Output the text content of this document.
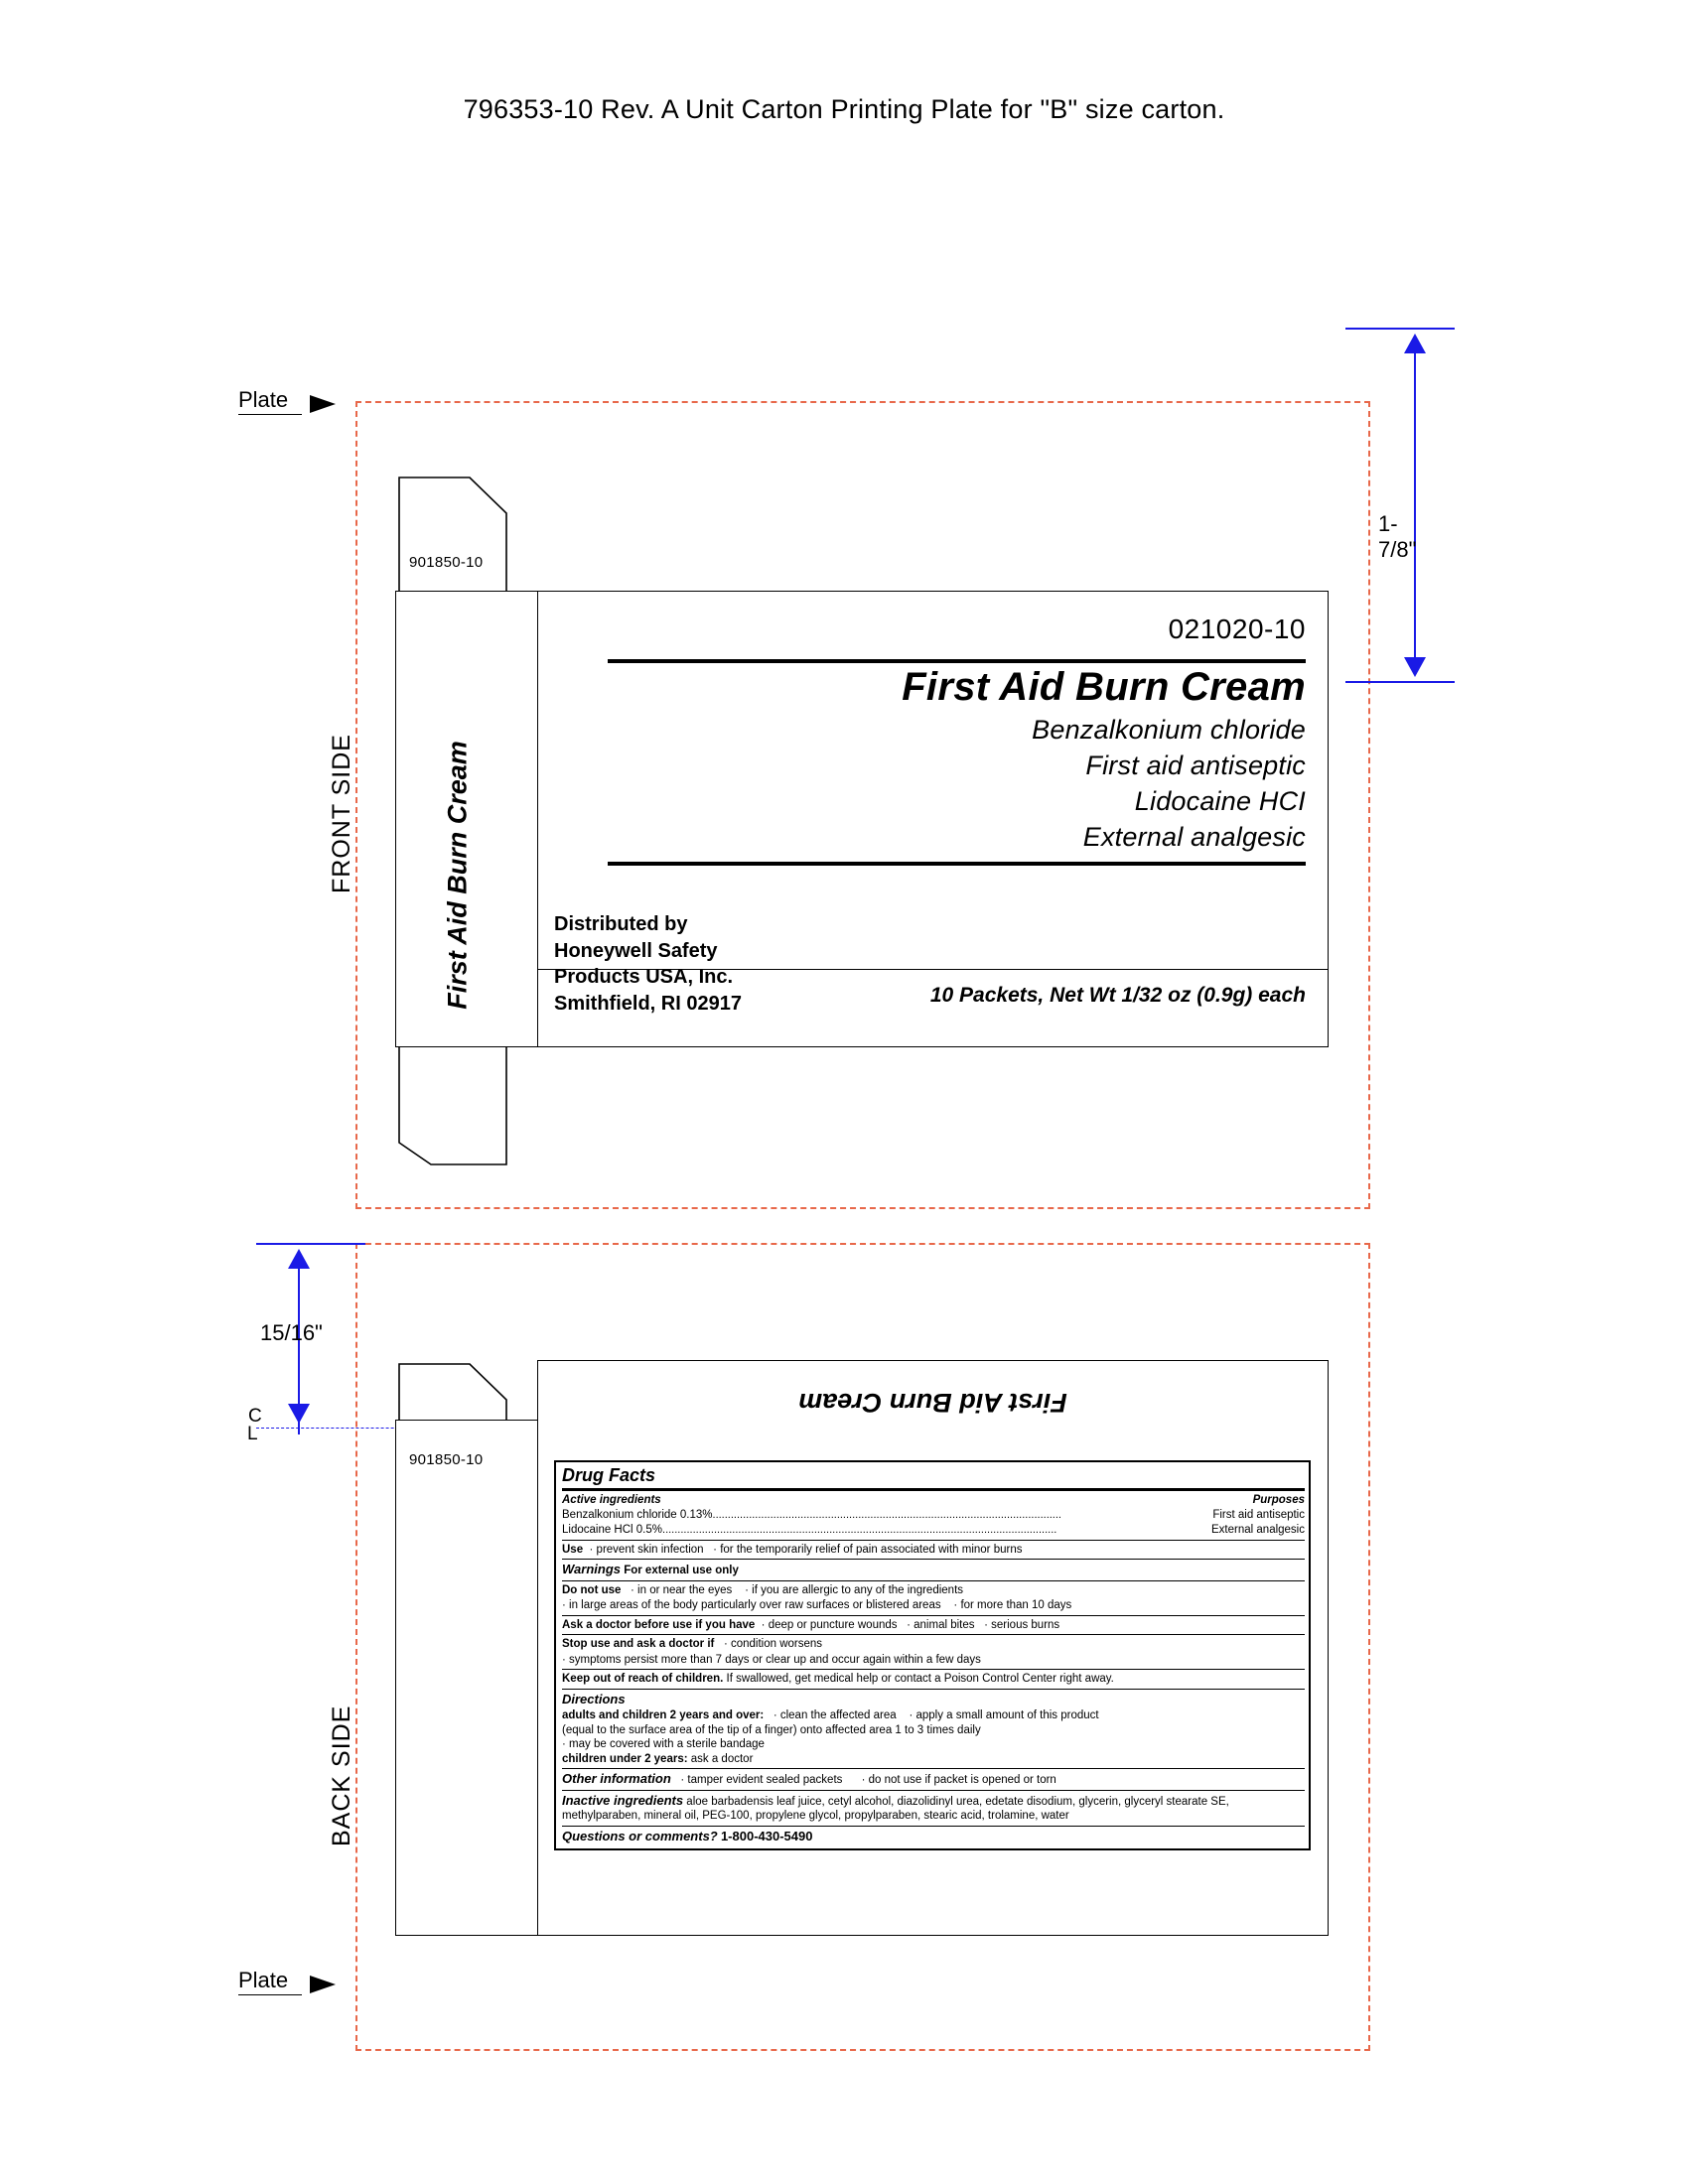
796353-10 Rev. A Unit Carton Printing Plate for "B" size carton.
Plate
FRONT SIDE
1-7/8"
First Aid Burn Cream
901850-10
021020-10
First Aid Burn Cream
Benzalkonium chloride
First aid antiseptic
Lidocaine HCI
External analgesic
Distributed by
Honeywell Safety
Products USA, Inc.
Smithfield, RI 02917	10 Packets, Net Wt 1/32 oz (0.9g) each
Plate
BACK SIDE
15/16"
C
L
901850-10
First Aid Burn Cream
Drug Facts
Active ingredients	Purposes
Benzalkonium chloride 0.13%...................................................................................................................	First aid antiseptic
Lidocaine HCl 0.5%..................................................................................................................................	External analgesic
Use  · prevent skin infection   · for the temporarily relief of pain associated with minor burns
Warnings For external use only
Do not use   · in or near the eyes    · if you are allergic to any of the ingredients
· in large areas of the body particularly over raw surfaces or blistered areas    · for more than 10 days
Ask a doctor before use if you have  · deep or puncture wounds   · animal bites   · serious burns
Stop use and ask a doctor if   · condition worsens
· symptoms persist more than 7 days or clear up and occur again within a few days
Keep out of reach of children. If swallowed, get medical help or contact a Poison Control Center right away.
Directions
adults and children 2 years and over:   · clean the affected area    · apply a small amount of this product
(equal to the surface area of the tip of a finger) onto affected area 1 to 3 times daily
· may be covered with a sterile bandage
children under 2 years: ask a doctor
Other information   · tamper evident sealed packets      · do not use if packet is opened or torn
Inactive ingredients aloe barbadensis leaf juice, cetyl alcohol, diazolidinyl urea, edetate disodium, glycerin, glyceryl stearate SE, methylparaben, mineral oil, PEG-100, propylene glycol, propylparaben, stearic acid, trolamine, water
Questions or comments? 1-800-430-5490
